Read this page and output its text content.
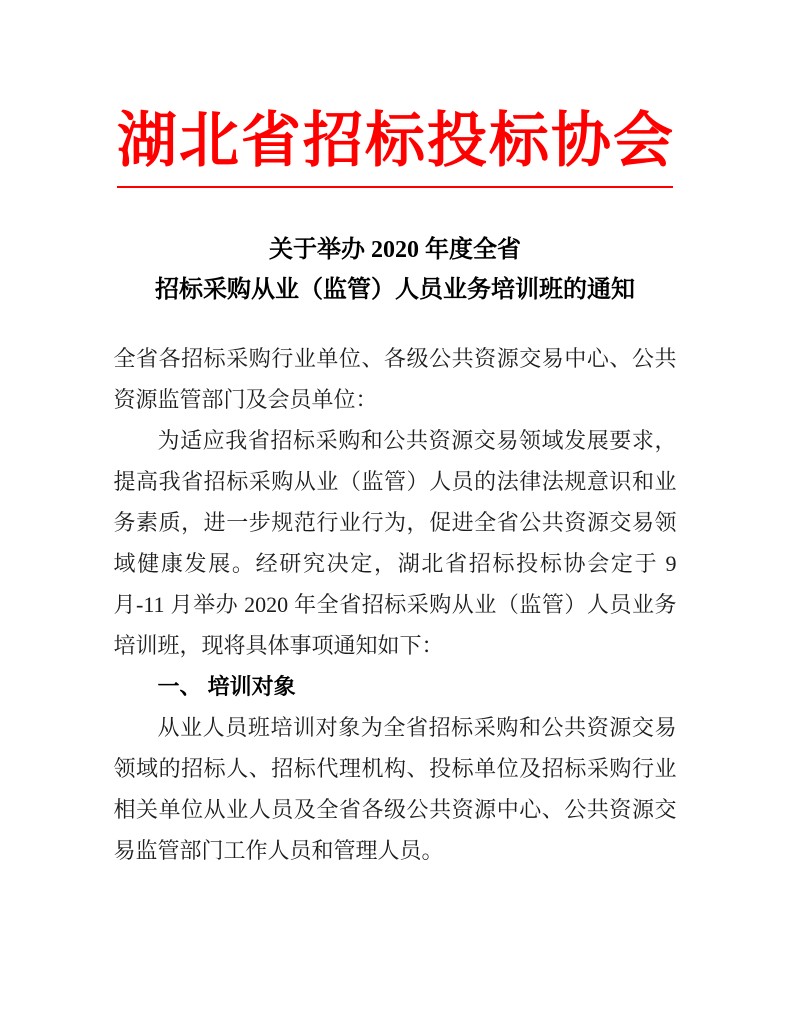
湖北省招标投标协会
关于举办 2020 年度全省
招标采购从业（监管）人员业务培训班的通知

全省各招标采购行业单位、各级公共资源交易中心、公共资源监管部门及会员单位：

为适应我省招标采购和公共资源交易领域发展要求，提高我省招标采购从业（监管）人员的法律法规意识和业务素质，进一步规范行业行为，促进全省公共资源交易领域健康发展。经研究决定，湖北省招标投标协会定于 9 月-11 月举办 2020 年全省招标采购从业（监管）人员业务培训班，现将具体事项通知如下：

一、 培训对象

从业人员班培训对象为全省招标采购和公共资源交易领域的招标人、招标代理机构、投标单位及招标采购行业相关单位从业人员及全省各级公共资源中心、公共资源交易监管部门工作人员和管理人员。
